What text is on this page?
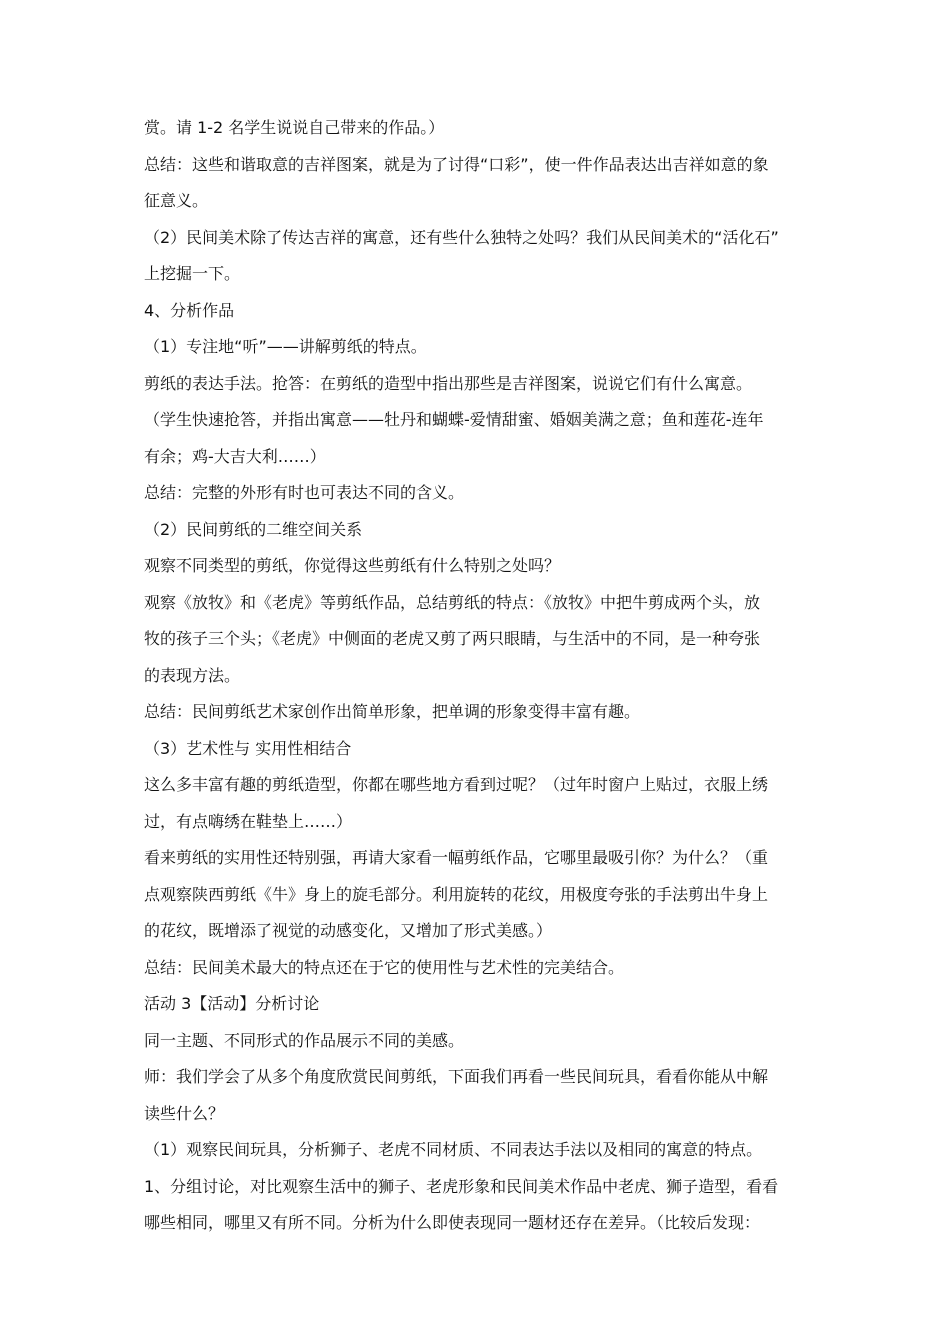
赏。请 1-2 名学生说说自己带来的作品。）
总结：这些和谐取意的吉祥图案，就是为了讨得“口彩”，使一件作品表达出吉祥如意的象
征意义。
（2）民间美术除了传达吉祥的寓意，还有些什么独特之处吗？我们从民间美术的“活化石”
上挖掘一下。
4、分析作品
（1）专注地“听”——讲解剪纸的特点。
剪纸的表达手法。抢答：在剪纸的造型中指出那些是吉祥图案，说说它们有什么寓意。
（学生快速抢答，并指出寓意——牡丹和蝴蝶-爱情甜蜜、婚姻美满之意；鱼和莲花-连年
有余；鸡-大吉大利……）
总结：完整的外形有时也可表达不同的含义。
（2）民间剪纸的二维空间关系
观察不同类型的剪纸，你觉得这些剪纸有什么特别之处吗？
观察《放牧》和《老虎》等剪纸作品，总结剪纸的特点：《放牧》中把牛剪成两个头，放
牧的孩子三个头；《老虎》中侧面的老虎又剪了两只眼睛，与生活中的不同，是一种夸张
的表现方法。
总结：民间剪纸艺术家创作出简单形象，把单调的形象变得丰富有趣。
（3）艺术性与 实用性相结合
这么多丰富有趣的剪纸造型，你都在哪些地方看到过呢？（过年时窗户上贴过，衣服上绣
过，有点嗨绣在鞋垫上……）
看来剪纸的实用性还特别强，再请大家看一幅剪纸作品，它哪里最吸引你？为什么？（重
点观察陕西剪纸《牛》身上的旋毛部分。利用旋转的花纹，用极度夸张的手法剪出牛身上
的花纹，既增添了视觉的动感变化，又增加了形式美感。）
总结：民间美术最大的特点还在于它的使用性与艺术性的完美结合。
活动 3【活动】分析讨论
同一主题、不同形式的作品展示不同的美感。
师：我们学会了从多个角度欣赏民间剪纸，下面我们再看一些民间玩具，看看你能从中解
读些什么？
（1）观察民间玩具，分析狮子、老虎不同材质、不同表达手法以及相同的寓意的特点。
1、分组讨论，对比观察生活中的狮子、老虎形象和民间美术作品中老虎、狮子造型，看看
哪些相同，哪里又有所不同。分析为什么即使表现同一题材还存在差异。（比较后发现：
